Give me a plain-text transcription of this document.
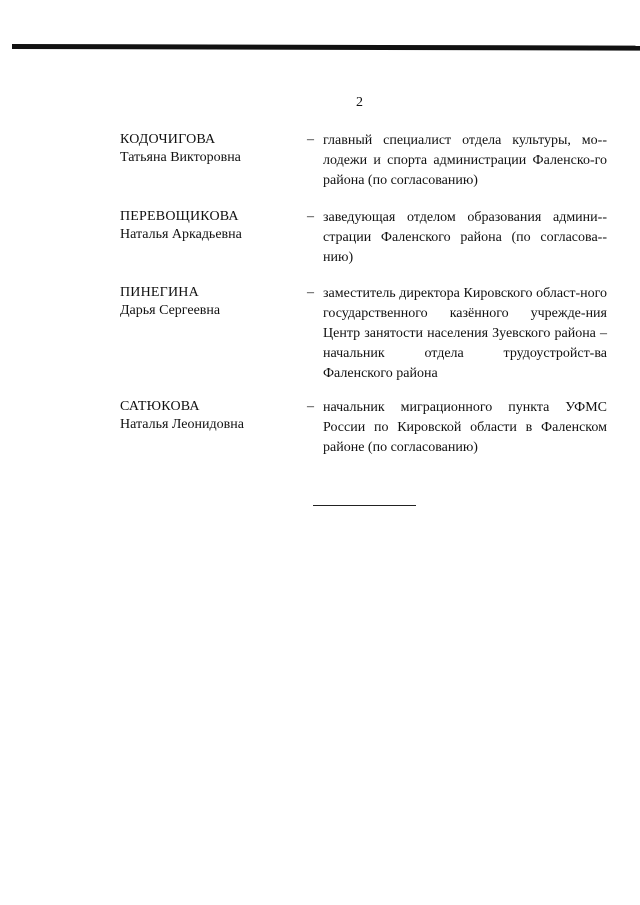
2
КОДОЧИГОВА
Татьяна Викторовна
– главный специалист отдела культуры, мо-лодежи и спорта администрации Фаленско-го района (по согласованию)
ПЕРЕВОЩИКОВА
Наталья Аркадьевна
– заведующая отделом образования админи-страции Фаленского района (по согласова-нию)
ПИНЕГИНА
Дарья Сергеевна
– заместитель директора Кировского област-ного государственного казённого учрежде-ния Центр занятости населения Зуевского района – начальник отдела трудоустройст-ва Фаленского района
САТЮКОВА
Наталья Леонидовна
– начальник миграционного пункта УФМС России по Кировской области в Фаленском районе (по согласованию)
